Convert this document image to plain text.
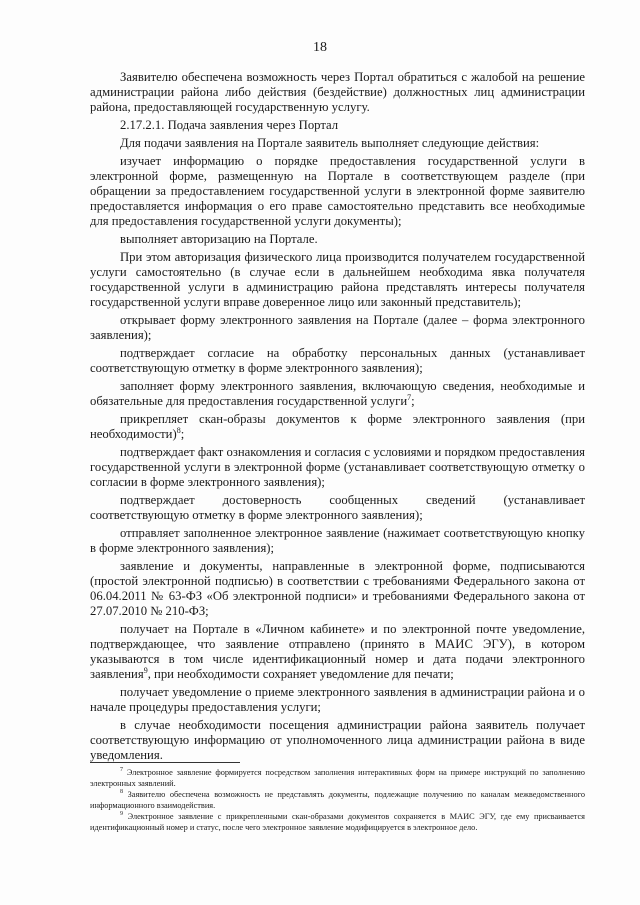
18

Заявителю обеспечена возможность через Портал обратиться с жалобой на решение администрации района либо действия (бездействие) должностных лиц администрации района, предоставляющей государственную услугу.

2.17.2.1. Подача заявления через Портал

Для подачи заявления на Портале заявитель выполняет следующие действия:

изучает информацию о порядке предоставления государственной услуги в электронной форме, размещенную на Портале в соответствующем разделе (при обращении за предоставлением государственной услуги в электронной форме заявителю предоставляется информация о его праве самостоятельно представить все необходимые для предоставления государственной услуги документы);

выполняет авторизацию на Портале.

При этом авторизация физического лица производится получателем государственной услуги самостоятельно (в случае если в дальнейшем необходима явка получателя государственной услуги в администрацию района представлять интересы получателя государственной услуги вправе доверенное лицо или законный представитель);

открывает форму электронного заявления на Портале (далее – форма электронного заявления);

подтверждает согласие на обработку персональных данных (устанавливает соответствующую отметку в форме электронного заявления);

заполняет форму электронного заявления, включающую сведения, необходимые и обязательные для предоставления государственной услуги$^7$;

прикрепляет скан-образы документов к форме электронного заявления (при необходимости)$^8$;

подтверждает факт ознакомления и согласия с условиями и порядком предоставления государственной услуги в электронной форме (устанавливает соответствующую отметку о согласии в форме электронного заявления);

подтверждает достоверность сообщенных сведений (устанавливает соответствующую отметку в форме электронного заявления);

отправляет заполненное электронное заявление (нажимает соответствующую кнопку в форме электронного заявления);

заявление и документы, направленные в электронной форме, подписываются (простой электронной подписью) в соответствии с требованиями Федерального закона от 06.04.2011 № 63-ФЗ «Об электронной подписи» и требованиями Федерального закона от 27.07.2010 № 210-ФЗ;

получает на Портале в «Личном кабинете» и по электронной почте уведомление, подтверждающее, что заявление отправлено (принято в МАИС ЭГУ), в котором указываются в том числе идентификационный номер и дата подачи электронного заявления$^9$, при необходимости сохраняет уведомление для печати;

получает уведомление о приеме электронного заявления в администрации района и о начале процедуры предоставления услуги;

в случае необходимости посещения администрации района заявитель получает соответствующую информацию от уполномоченного лица администрации района в виде уведомления.

$^7$ Электронное заявление формируется посредством заполнения интерактивных форм на примере инструкций по заполнению электронных заявлений.

$^8$ Заявителю обеспечена возможность не представлять документы, подлежащие получению по каналам межведомственного информационного взаимодействия.

$^9$ Электронное заявление с прикрепленными скан-образами документов сохраняется в МАИС ЭГУ, где ему присваивается идентификационный номер и статус, после чего электронное заявление модифицируется в электронное дело.
